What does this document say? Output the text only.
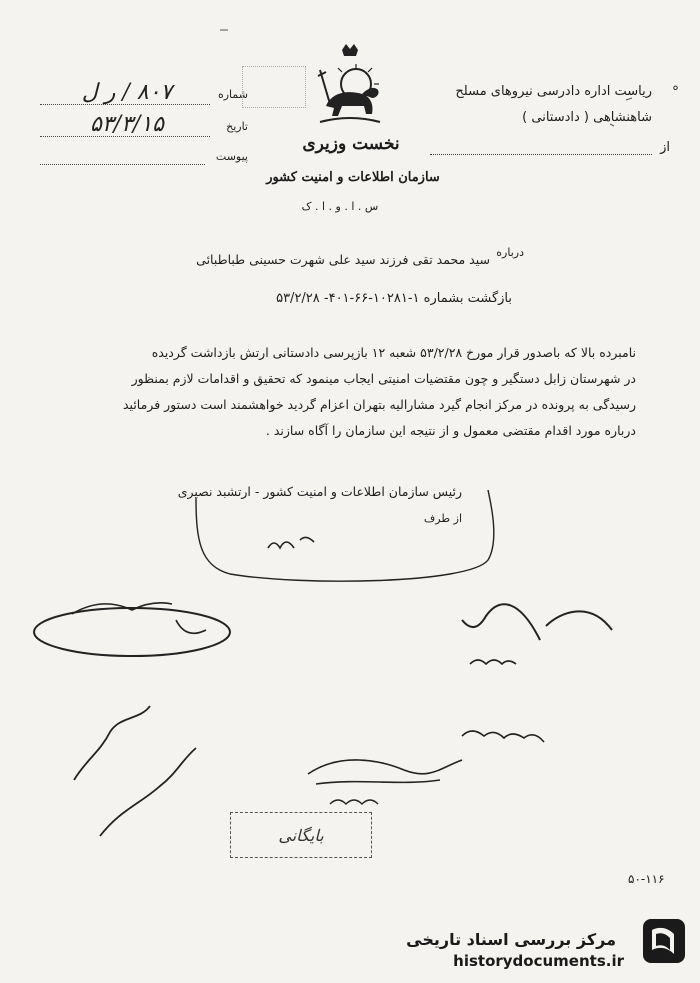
ریاست اداره دادرسی نیروهای مسلح
شاهنشاهی ( دادستانی )
از
°
نخست وزیری
سازمان اطلاعات و امنیت کشور
س . ا . و . ا . ک
شماره
۸۰۷ / ر ل
تاریخ
۵۳/۳/۱۵
پیوست
درباره
سید محمد تقی فرزند سید علی شهرت حسینی طباطبائی
بازگشت بشماره ۱-۱۰۲۸۱-۶۶-۴۰۱- ۵۳/۲/۲۸
نامبرده بالا که باصدور قرار مورخ ۵۳/۲/۲۸ شعبه ۱۲ بازپرسی دادستانی ارتش بازداشت گردیده
در شهرستان زابل دستگیر و چون مقتضیات امنیتی ایجاب مینمود که تحقیق و اقدامات لازم بمنظور
رسیدگی به پرونده در مرکز انجام گیرد مشارالیه بتهران اعزام گردید خواهشمند است دستور فرمائید
درباره مورد اقدام مقتضی معمول و از نتیجه این سازمان را آگاه سازند .
رئیس سازمان اطلاعات و امنیت کشور - ارتشبد نصیری
از طرف
بایگانی
۵۰-۱۱۶
مرکز بررسی اسناد تاریخی
historydocuments.ir
